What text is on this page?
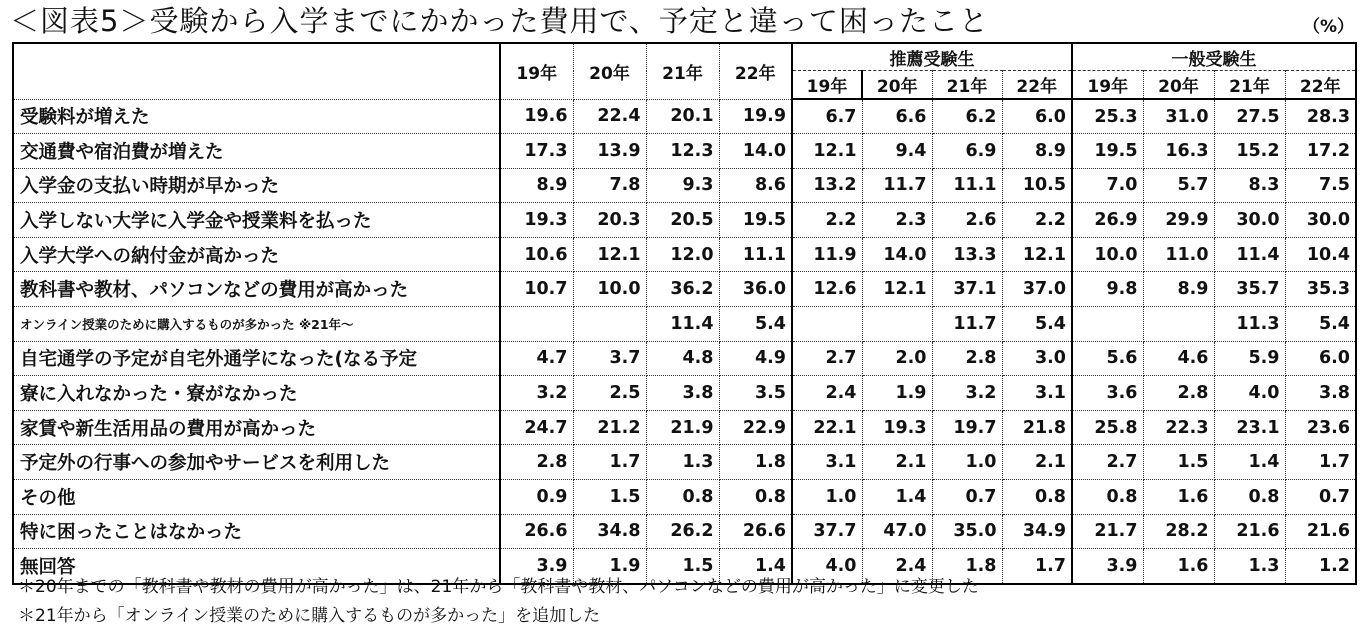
＜図表5＞受験から入学までにかかった費用で、予定と違って困ったこと	（%）
	19年	20年	21年	22年	推薦受験生				一般受験生			
					19年	20年	21年	22年	19年	20年	21年	22年
受験料が増えた	19.6	22.4	20.1	19.9	6.7	6.6	6.2	6.0	25.3	31.0	27.5	28.3
交通費や宿泊費が増えた	17.3	13.9	12.3	14.0	12.1	9.4	6.9	8.9	19.5	16.3	15.2	17.2
入学金の支払い時期が早かった	8.9	7.8	9.3	8.6	13.2	11.7	11.1	10.5	7.0	5.7	8.3	7.5
入学しない大学に入学金や授業料を払った	19.3	20.3	20.5	19.5	2.2	2.3	2.6	2.2	26.9	29.9	30.0	30.0
入学大学への納付金が高かった	10.6	12.1	12.0	11.1	11.9	14.0	13.3	12.1	10.0	11.0	11.4	10.4
教科書や教材、パソコンなどの費用が高かった	10.7	10.0	36.2	36.0	12.6	12.1	37.1	37.0	9.8	8.9	35.7	35.3
オンライン授業のために購入するものが多かった ※21年～			11.4	5.4			11.7	5.4			11.3	5.4
自宅通学の予定が自宅外通学になった(なる予定	4.7	3.7	4.8	4.9	2.7	2.0	2.8	3.0	5.6	4.6	5.9	6.0
寮に入れなかった・寮がなかった	3.2	2.5	3.8	3.5	2.4	1.9	3.2	3.1	3.6	2.8	4.0	3.8
家賃や新生活用品の費用が高かった	24.7	21.2	21.9	22.9	22.1	19.3	19.7	21.8	25.8	22.3	23.1	23.6
予定外の行事への参加やサービスを利用した	2.8	1.7	1.3	1.8	3.1	2.1	1.0	2.1	2.7	1.5	1.4	1.7
その他	0.9	1.5	0.8	0.8	1.0	1.4	0.7	0.8	0.8	1.6	0.8	0.7
特に困ったことはなかった	26.6	34.8	26.2	26.6	37.7	47.0	35.0	34.9	21.7	28.2	21.6	21.6
無回答	3.9	1.9	1.5	1.4	4.0	2.4	1.8	1.7	3.9	1.6	1.3	1.2
＊20年までの「教科書や教材の費用が高かった」は、21年から「教科書や教材、パソコンなどの費用が高かった」に変更した
＊21年から「オンライン授業のために購入するものが多かった」を追加した
